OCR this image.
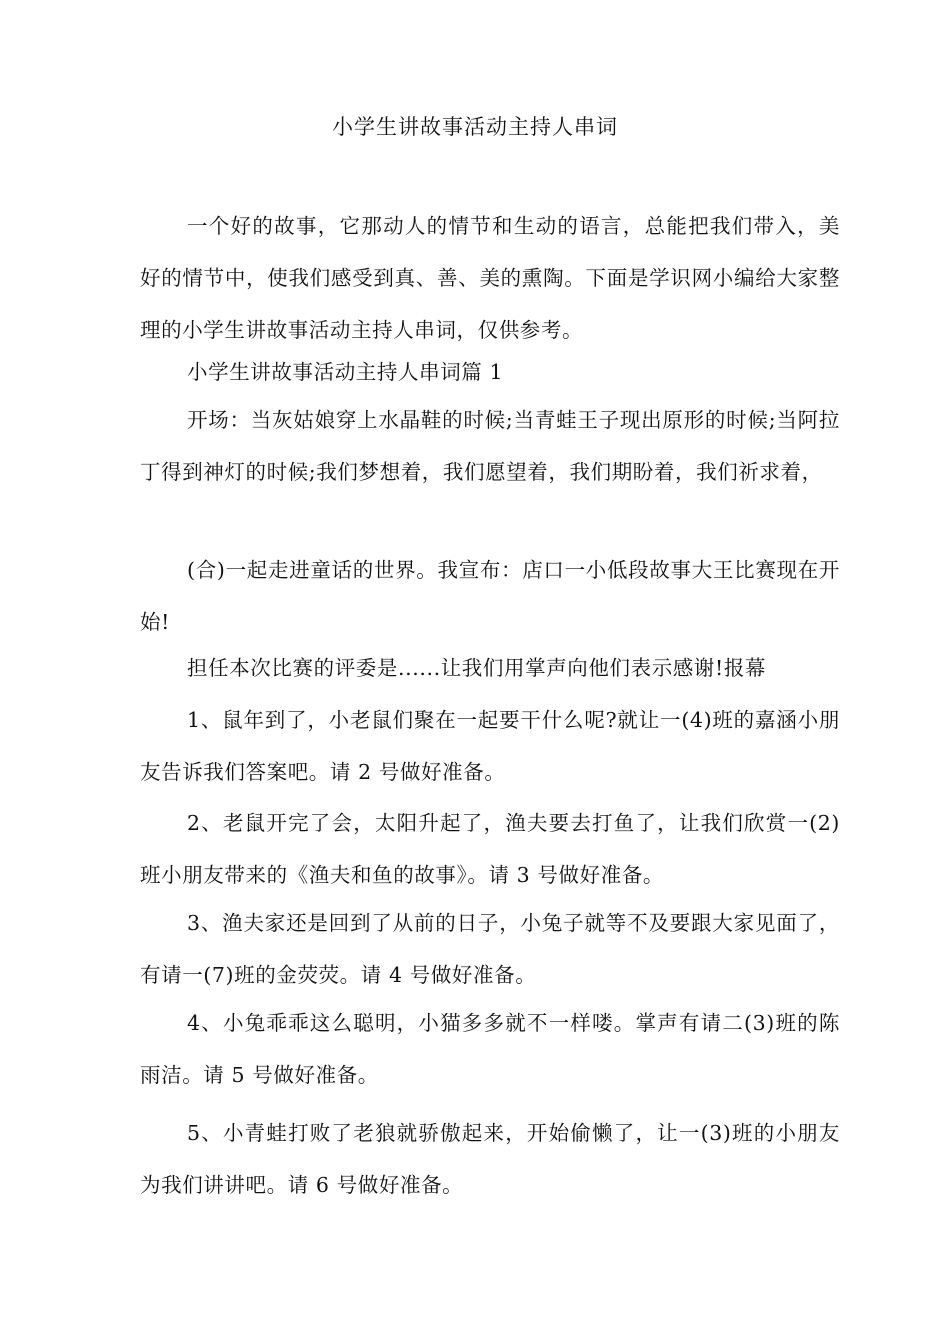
小学生讲故事活动主持人串词

一个好的故事，它那动人的情节和生动的语言，总能把我们带入，美好的情节中，使我们感受到真、善、美的熏陶。下面是学识网小编给大家整理的小学生讲故事活动主持人串词，仅供参考。

小学生讲故事活动主持人串词篇 1

开场：当灰姑娘穿上水晶鞋的时候;当青蛙王子现出原形的时候;当阿拉丁得到神灯的时候;我们梦想着，我们愿望着，我们期盼着，我们祈求着，

(合)一起走进童话的世界。我宣布：店口一小低段故事大王比赛现在开始!

担任本次比赛的评委是......让我们用掌声向他们表示感谢!报幕

1、鼠年到了，小老鼠们聚在一起要干什么呢?就让一(4)班的嘉涵小朋友告诉我们答案吧。请 2 号做好准备。

2、老鼠开完了会，太阳升起了，渔夫要去打鱼了，让我们欣赏一(2)班小朋友带来的《渔夫和鱼的故事》。请 3 号做好准备。

3、渔夫家还是回到了从前的日子，小兔子就等不及要跟大家见面了，有请一(7)班的金荧荧。请 4 号做好准备。

4、小兔乖乖这么聪明，小猫多多就不一样喽。掌声有请二(3)班的陈雨洁。请 5 号做好准备。

5、小青蛙打败了老狼就骄傲起来，开始偷懒了，让一(3)班的小朋友为我们讲讲吧。请 6 号做好准备。
